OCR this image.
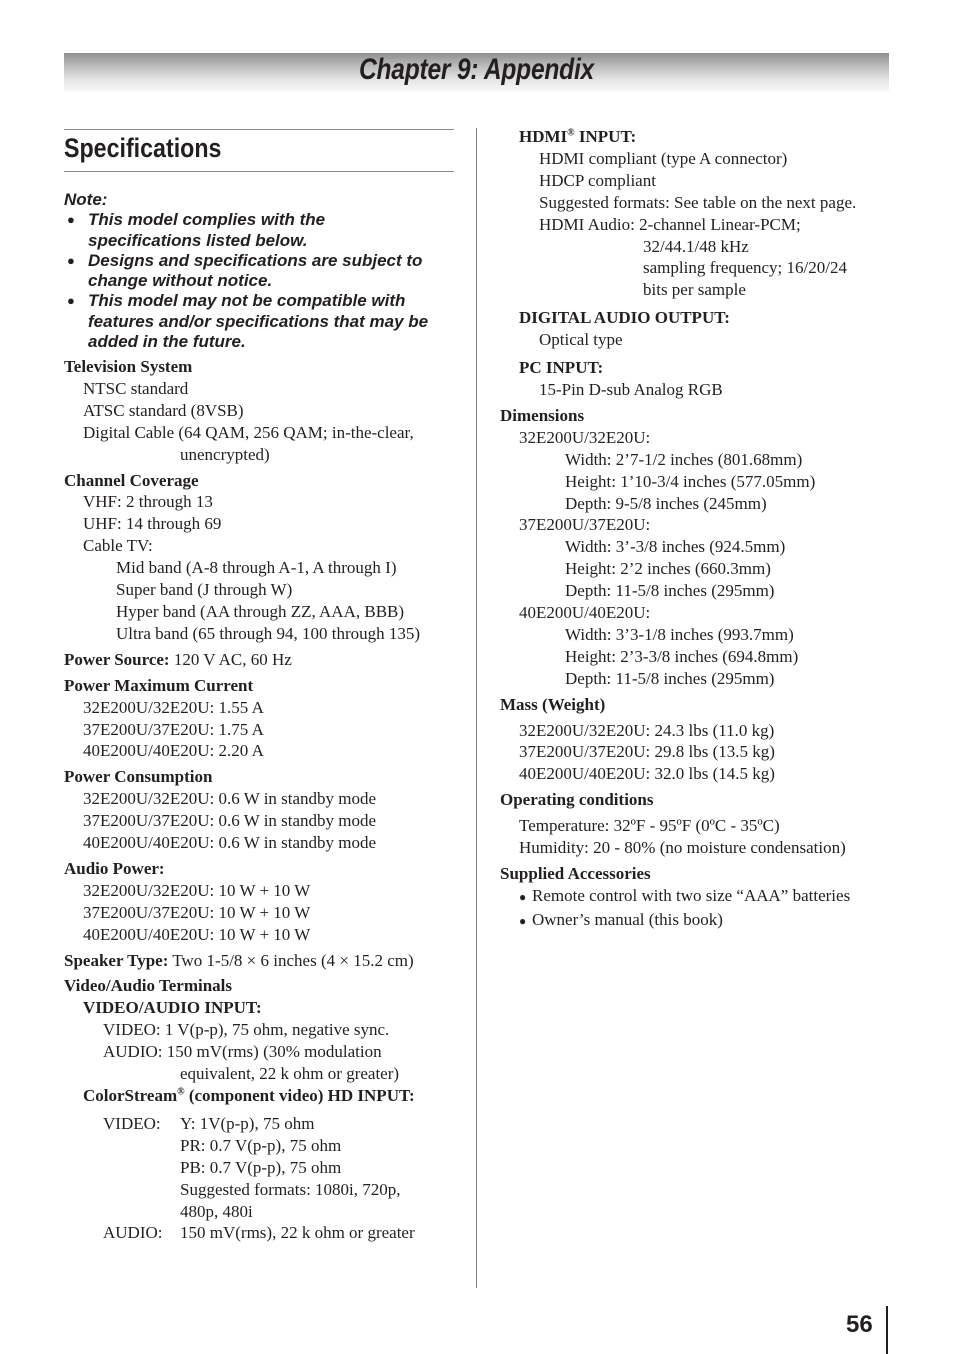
Chapter 9: Appendix
Specifications
Note:
● This model complies with the
specifications listed below.
● Designs and specifications are subject to
change without notice.
● This model may not be compatible with
features and/or specifications that may be
added in the future.
Television System
NTSC standard
ATSC standard (8VSB)
Digital Cable (64 QAM, 256 QAM; in-the-clear,
unencrypted)
Channel Coverage
VHF: 2 through 13
UHF: 14 through 69
Cable TV:
Mid band (A-8 through A-1, A through I)
Super band (J through W)
Hyper band (AA through ZZ, AAA, BBB)
Ultra band (65 through 94, 100 through 135)
Power Source: 120 V AC, 60 Hz
Power Maximum Current
32E200U/32E20U: 1.55 A
37E200U/37E20U: 1.75 A
40E200U/40E20U: 2.20 A
Power Consumption
32E200U/32E20U: 0.6 W in standby mode
37E200U/37E20U: 0.6 W in standby mode
40E200U/40E20U: 0.6 W in standby mode
Audio Power:
32E200U/32E20U: 10 W + 10 W
37E200U/37E20U: 10 W + 10 W
40E200U/40E20U: 10 W + 10 W
Speaker Type: Two 1-5/8 × 6 inches (4 × 15.2 cm)
Video/Audio Terminals
VIDEO/AUDIO INPUT:
VIDEO: 1 V(p-p), 75 ohm, negative sync.
AUDIO: 150 mV(rms) (30% modulation
equivalent, 22 k ohm or greater)
ColorStream® (component video) HD INPUT:
VIDEO: Y: 1V(p-p), 75 ohm
PR: 0.7 V(p-p), 75 ohm
PB: 0.7 V(p-p), 75 ohm
Suggested formats: 1080i, 720p,
480p, 480i
AUDIO: 150 mV(rms), 22 k ohm or greater
HDMI® INPUT:
HDMI compliant (type A connector)
HDCP compliant
Suggested formats: See table on the next page.
HDMI Audio: 2-channel Linear-PCM;
32/44.1/48 kHz
sampling frequency; 16/20/24
bits per sample
DIGITAL AUDIO OUTPUT:
Optical type
PC INPUT:
15-Pin D-sub Analog RGB
Dimensions
32E200U/32E20U:
Width: 2’7-1/2 inches (801.68mm)
Height: 1’10-3/4 inches (577.05mm)
Depth: 9-5/8 inches (245mm)
37E200U/37E20U:
Width: 3’-3/8 inches (924.5mm)
Height: 2’2 inches (660.3mm)
Depth: 11-5/8 inches (295mm)
40E200U/40E20U:
Width: 3’3-1/8 inches (993.7mm)
Height: 2’3-3/8 inches (694.8mm)
Depth: 11-5/8 inches (295mm)
Mass (Weight)
32E200U/32E20U: 24.3 lbs (11.0 kg)
37E200U/37E20U: 29.8 lbs (13.5 kg)
40E200U/40E20U: 32.0 lbs (14.5 kg)
Operating conditions
Temperature: 32ºF - 95ºF (0ºC - 35ºC)
Humidity: 20 - 80% (no moisture condensation)
Supplied Accessories
● Remote control with two size “AAA” batteries
● Owner’s manual (this book)
56
